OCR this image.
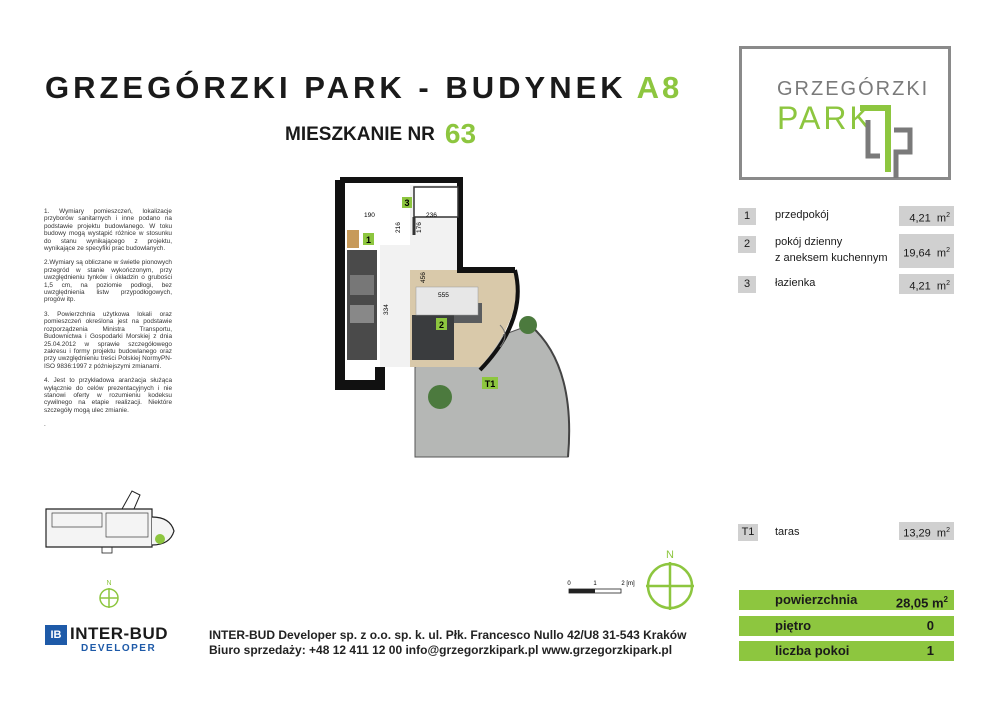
GRZEGÓRZKI PARK - BUDYNEK A8
MIESZKANIE NR 63
GRZEGÓRZKI
PARK

1. Wymiary pomieszczeń, lokalizacje przyborów sanitarnych i inne podano na podstawie projektu budowlanego. W toku budowy mogą wystąpić różnice w stosunku do stanu wynikającego z projektu, wynikające ze specyfiki prac budowlanych.

2.Wymiary są obliczane w świetle pionowych przegród w stanie wykończonym, przy uwzględnieniu tynków i okładzin o grubości 1,5 cm, na poziomie podłogi, bez uwzględnienia listw przypodłogowych, progów itp.

3. Powierzchnia użytkowa lokali oraz pomieszczeń określona jest na podstawie rozporządzenia Ministra Transportu, Budownictwa i Gospodarki Morskiej z dnia 25.04.2012 w sprawie szczegółowego zakresu i formy projektu budowlanego oraz przy uwzględnieniu treści Polskiej NormyPN-ISO 9836:1997 z późniejszymi zmianami.

4. Jest to przykładowa aranżacja służąca wyłącznie do celów prezentacyjnych i nie stanowi oferty w rozumieniu kodeksu cywilnego na etapie realizacji. Niektóre szczegóły mogą ulec zmianie.

.

1
3
2
T1
190	236
216 176
456
555
334
N	0	1	2 [m]
N
1	przedpokój	4,21 $m^2$
2	pokój dzienny
z aneksem kuchennym	19,64 $m^2$
3	łazienka	4,21 $m^2$
T1	taras	13,29 $m^2$
powierzchnia	28,05 $m^2$
piętro	0
liczba pokoi	1
IB INTER-BUD
DEVELOPER
INTER-BUD Developer sp. z o.o. sp. k. ul. Płk. Francesco Nullo 42/U8 31-543 Kraków
Biuro sprzedaży: +48 12 411 12 00 info@grzegorzkipark.pl www.grzegorzkipark.pl
